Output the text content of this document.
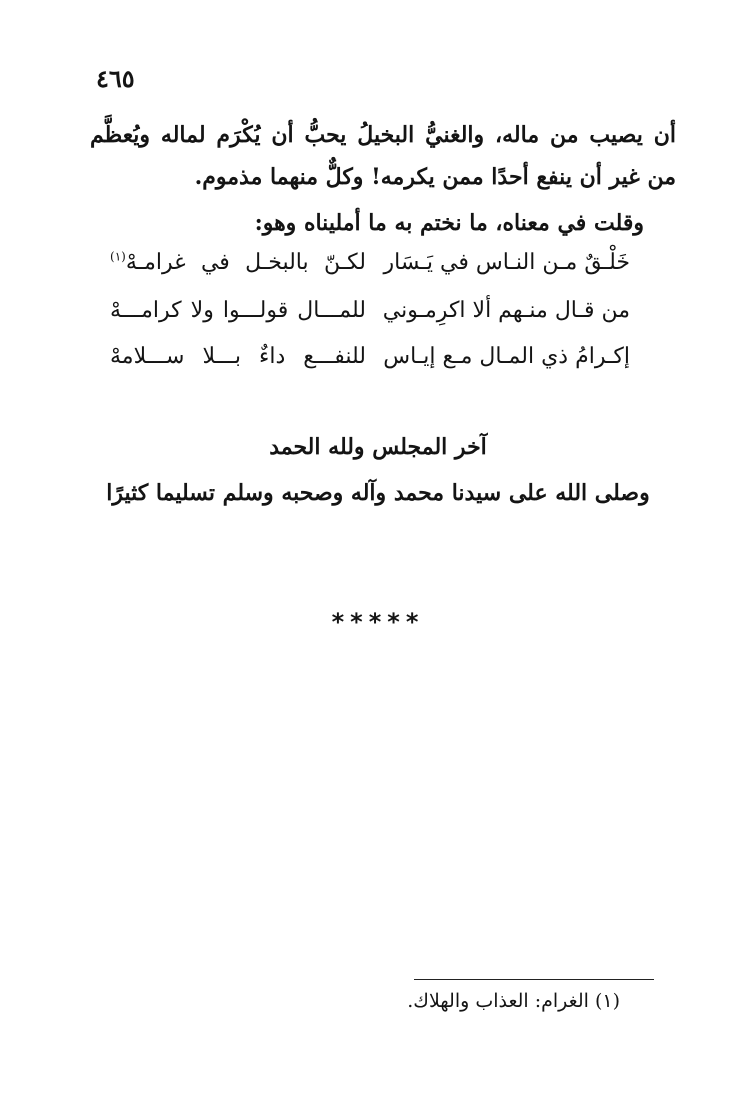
٤٦٥

أن يصيب من ماله، والغنيُّ البخيلُ يحبُّ أن يُكْرَم لماله ويُعظَّم من غير أن ينفع أحدًا ممن يكرمه! وكلٌّ منهما مذموم.

وقلت في معناه، ما نختم به ما أمليناه وهو:

خَلْـقٌ مـن النـاس في يَـسَار
لكـنّ بالبخـل في غرامـهْ$^{(١)}$
من قـال منـهم ألا اكرِمـوني
للمـــال قولـــوا ولا كرامـــهْ
إكـرامُ ذي المـال مـع إيـاس
للنفـــع داءٌ بـــلا ســـلامهْ
آخر المجلس ولله الحمد
وصلى الله على سيدنا محمد وآله وصحبه وسلم تسليما كثيرًا
*****
(١) الغرام: العذاب والهلاك.
